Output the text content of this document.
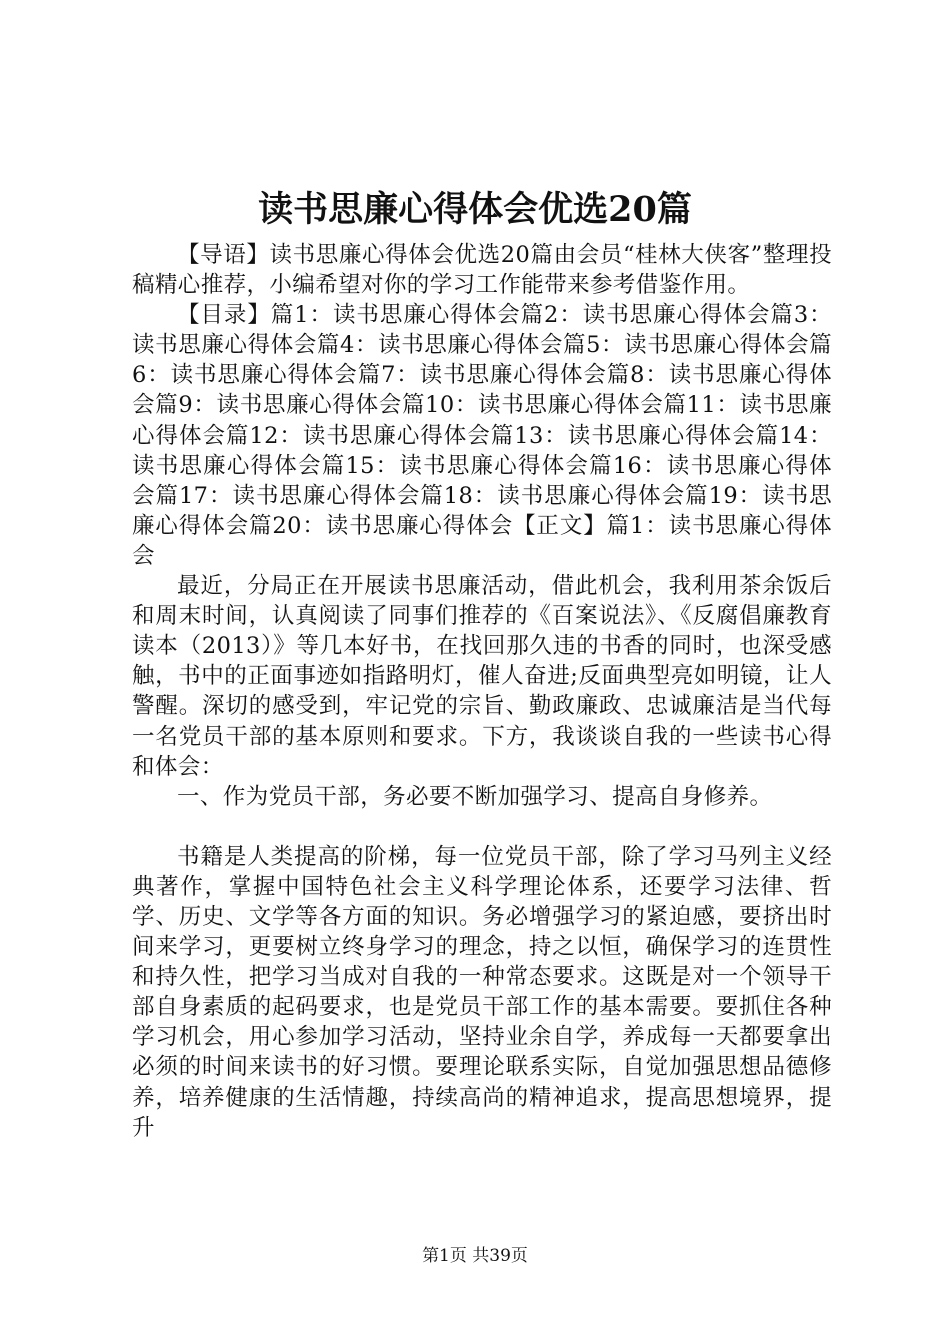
读书思廉心得体会优选20篇

【导语】读书思廉心得体会优选20篇由会员“桂林大侠客”整理投稿精心推荐，小编希望对你的学习工作能带来参考借鉴作用。

【目录】篇1：读书思廉心得体会篇2：读书思廉心得体会篇3：读书思廉心得体会篇4：读书思廉心得体会篇5：读书思廉心得体会篇6：读书思廉心得体会篇7：读书思廉心得体会篇8：读书思廉心得体会篇9：读书思廉心得体会篇10：读书思廉心得体会篇11：读书思廉心得体会篇12：读书思廉心得体会篇13：读书思廉心得体会篇14：读书思廉心得体会篇15：读书思廉心得体会篇16：读书思廉心得体会篇17：读书思廉心得体会篇18：读书思廉心得体会篇19：读书思廉心得体会篇20：读书思廉心得体会【正文】篇1：读书思廉心得体会

最近，分局正在开展读书思廉活动，借此机会，我利用茶余饭后和周末时间，认真阅读了同事们推荐的《百案说法》、《反腐倡廉教育读本（2013）》等几本好书，在找回那久违的书香的同时，也深受感触，书中的正面事迹如指路明灯，催人奋进;反面典型亮如明镜，让人警醒。深切的感受到，牢记党的宗旨、勤政廉政、忠诚廉洁是当代每一名党员干部的基本原则和要求。下方，我谈谈自我的一些读书心得和体会：

一、作为党员干部，务必要不断加强学习、提高自身修养。

书籍是人类提高的阶梯，每一位党员干部，除了学习马列主义经典著作，掌握中国特色社会主义科学理论体系，还要学习法律、哲学、历史、文学等各方面的知识。务必增强学习的紧迫感，要挤出时间来学习，更要树立终身学习的理念，持之以恒，确保学习的连贯性和持久性，把学习当成对自我的一种常态要求。这既是对一个领导干部自身素质的起码要求，也是党员干部工作的基本需要。要抓住各种学习机会，用心参加学习活动，坚持业余自学，养成每一天都要拿出必须的时间来读书的好习惯。要理论联系实际，自觉加强思想品德修养，培养健康的生活情趣，持续高尚的精神追求，提高思想境界，提升

第1页 共39页
